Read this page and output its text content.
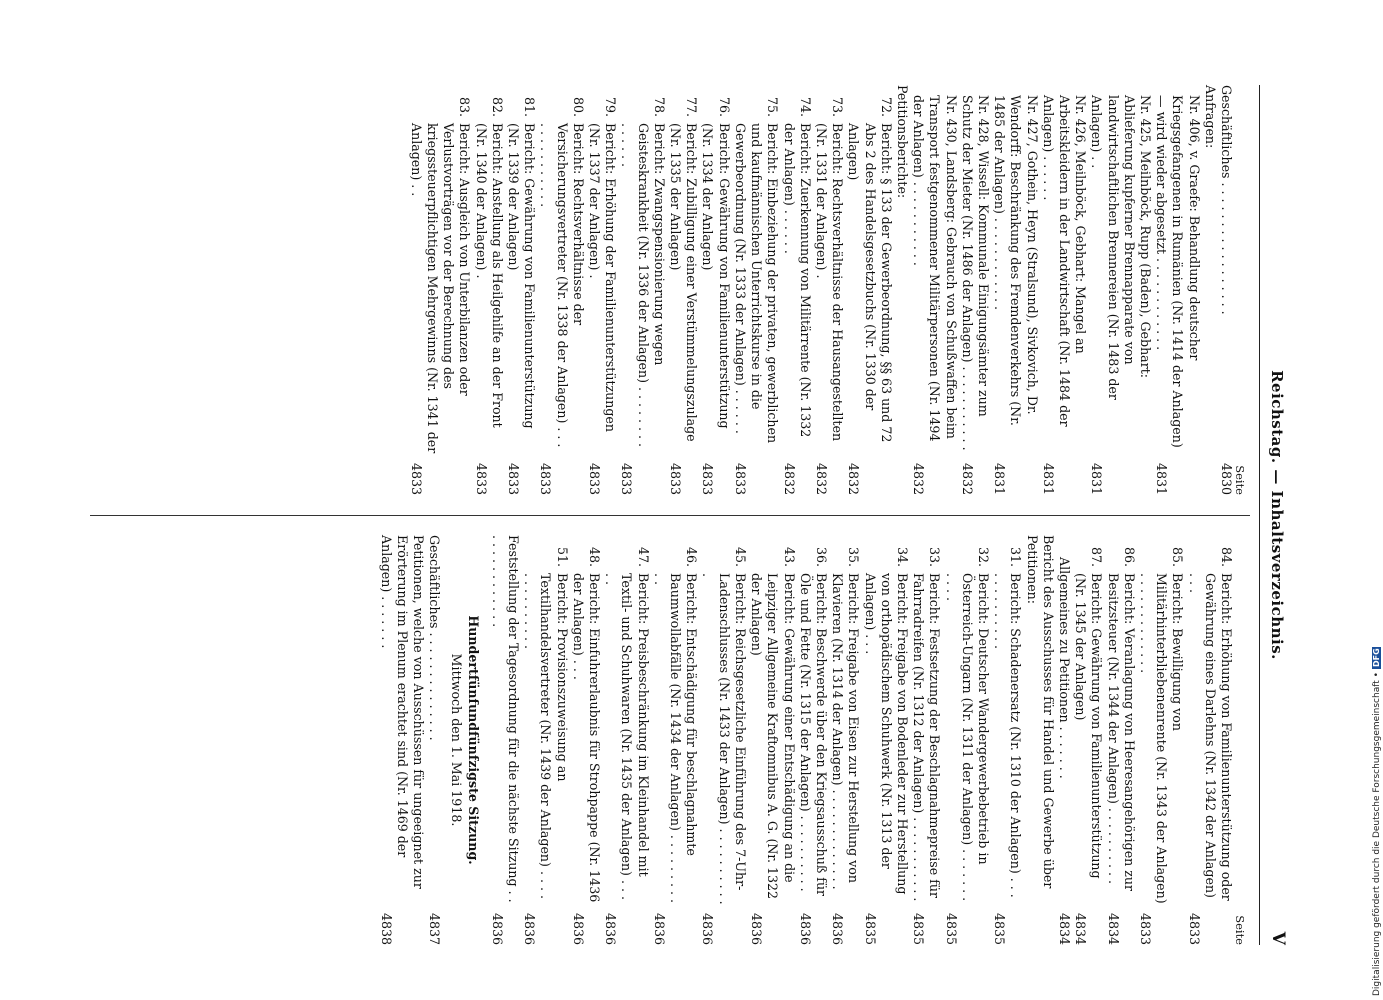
Reichstag. — Inhaltsverzeichnis.
V
Seite

Geschäftliches . . . . . . . . . . . . . . . . .
4830

Anfragen:

Nr. 406, v. Graefe: Behandlung deutscher Kriegsgefangenen in Rumänien (Nr. 1414 der Anlagen) — wird wieder abgesetzt . . . . . . . . . . . .
4831

Nr. 425, Meilnböck, Rupp (Baden), Gebhart: Ablieferung kupferner Brennapparate von landwirtschaftlichen Brennereien (Nr. 1483 der Anlagen) . .
4831

Nr. 426, Meilnböck, Gebhart: Mangel an Arbeitskleidern in der Landwirtschaft (Nr. 1484 der Anlagen) . . . . . .
4831

Nr. 427, Gothein, Heyn (Stralsund), Sivkovich, Dr. Wendorff: Beschränkung des Fremdenverkehrs (Nr. 1485 der Anlagen) . . . . . . . . . . . .
4831

Nr. 428, Wissell: Kommunale Einigungsämter zum Schutz der Mieter (Nr. 1486 der Anlagen) . . . . . . . . . . .
4832

Nr. 430, Landsberg: Gebrauch von Schußwaffen beim Transport festgenommener Militärpersonen (Nr. 1494 der Anlagen) . . . . . . . . . . .
4832

Petitionsberichte:

72.Bericht: § 133 der Gewerbeordnung, §§ 63 und 72 Abs 2 des Handelsgesetzbuchs (Nr. 1330 der Anlagen)
4832

73.Bericht: Rechtsverhältnisse der Hausangestellten (Nr. 1331 der Anlagen) .
4832

74.Bericht: Zuerkennung von Militärrente (Nr. 1332 der Anlagen) . . . . . .
4832

75.Bericht: Einbeziehung der privaten, gewerblichen und kaufmännischen Unterrichtskurse in die Gewerbeordnung (Nr. 1333 der Anlagen) . . . . . .
4833

76.Bericht: Gewährung von Familienunterstützung (Nr. 1334 der Anlagen)
4833

77.Bericht: Zubilligung einer Verstümmelungszulage (Nr. 1335 der Anlagen)
4833

78.Bericht: Zwangspensionierung wegen Geisteskrankheit (Nr. 1336 der Anlagen) . . . . . . . . . . . . . .
4833

79.Bericht: Erhöhung der Familienunterstützungen (Nr. 1337 der Anlagen) .
4833

80.Bericht: Rechtsverhältnisse der Versicherungsvertreter (Nr. 1338 der Anlagen) . . . . . . . . . . . . . .
4833

81.Bericht: Gewährung von Familienunterstützung (Nr. 1339 der Anlagen)
4833

82.Bericht: Anstellung als Heilgehilfe an der Front (Nr. 1340 der Anlagen) .
4833

83.Bericht: Ausgleich von Unterbilanzen oder Verlustvorträgen vor der Berechnung des kriegssteuerpflichtigen Mehrgewinns (Nr. 1341 der Anlagen) . .
4833

Seite

84.Bericht: Erhöhung von Familienunterstützung oder Gewährung eines Darlehns (Nr. 1342 der Anlagen) . . .
4833

85.Bericht: Bewilligung von Militärhinterbliebenenrente (Nr. 1343 der Anlagen) . . . . . . . . . . . . .
4833

86.Bericht: Veranlagung von Heeresangehörigen zur Besitzsteuer (Nr. 1344 der Anlagen) . . . . . . . . . .
4834

87.Bericht: Gewährung von Familienunterstützung (Nr. 1345 der Anlagen)
4834

Allgemeines zu Petitionen . . . . . . .
4834

Bericht des Ausschusses für Handel und Gewerbe über Petitionen:

31.Bericht: Schadenersatz (Nr. 1310 der Anlagen) . . . . . . . . . . . . .
4835

32.Bericht: Deutscher Wandergewerbebetrieb in Österreich-Ungarn (Nr. 1311 der Anlagen) . . . . . . . . . . .
4835

33.Bericht: Festsetzung der Beschlagnahmepreise für Fahrradreifen (Nr. 1312 der Anlagen) . . . . . . . . . . .
4835

34.Bericht: Freigabe von Bodenleder zur Herstellung von orthopädischem Schuhwerk (Nr. 1313 der Anlagen) . . .
4835

35.Bericht: Freigabe von Eisen zur Herstellung von Klavieren (Nr. 1314 der Anlagen) . . . . . . . . . . . . .
4836

36.Bericht: Beschwerde über den Kriegsausschuß für Öle und Fette (Nr. 1315 der Anlagen) . . . . . . . . . .
4836

43.Bericht: Gewährung einer Entschädigung an die Leipziger Allgemeine Kraftomnibus A. G. (Nr. 1322 der Anlagen)
4836

45.Bericht: Reichsgesetzliche Einführung des 7-Uhr-Ladenschlusses (Nr. 1433 der Anlagen) . . . . . . . . . . .
4836

46.Bericht: Entschädigung für beschlagnahmte Baumwollabfälle (Nr. 1434 der Anlagen) . . . . . . . . . . .
4836

47.Bericht: Preisbeschränkung im Kleinhandel mit Textil- und Schuhwaren (Nr. 1435 der Anlagen) . . . . .
4836

48.Bericht: Einfuhrerlaubnis für Strohpappe (Nr. 1436 der Anlagen) . . .
4836

51.Bericht: Provisionszuweisung an Textilhandelsvertreter (Nr. 1439 der Anlagen) . . . . . . . . . . . . . .
4836

Feststellung der Tagesordnung für die nächste Sitzung . . . . . . . . . . . . . .
4836

Hundertfünfundfünfzigste Sitzung.
Mittwoch den 1. Mai 1918.

Geschäftliches . . . . . . . . . . . . . .
4837

Petitionen, welche von Ausschüssen für ungeeignet zur Erörterung im Plenum erachtet sind (Nr. 1469 der Anlagen) . . . . . . .
4838	Digitalisierung gefördert durch die Deutsche Forschungsgemeinschaft • DFG
